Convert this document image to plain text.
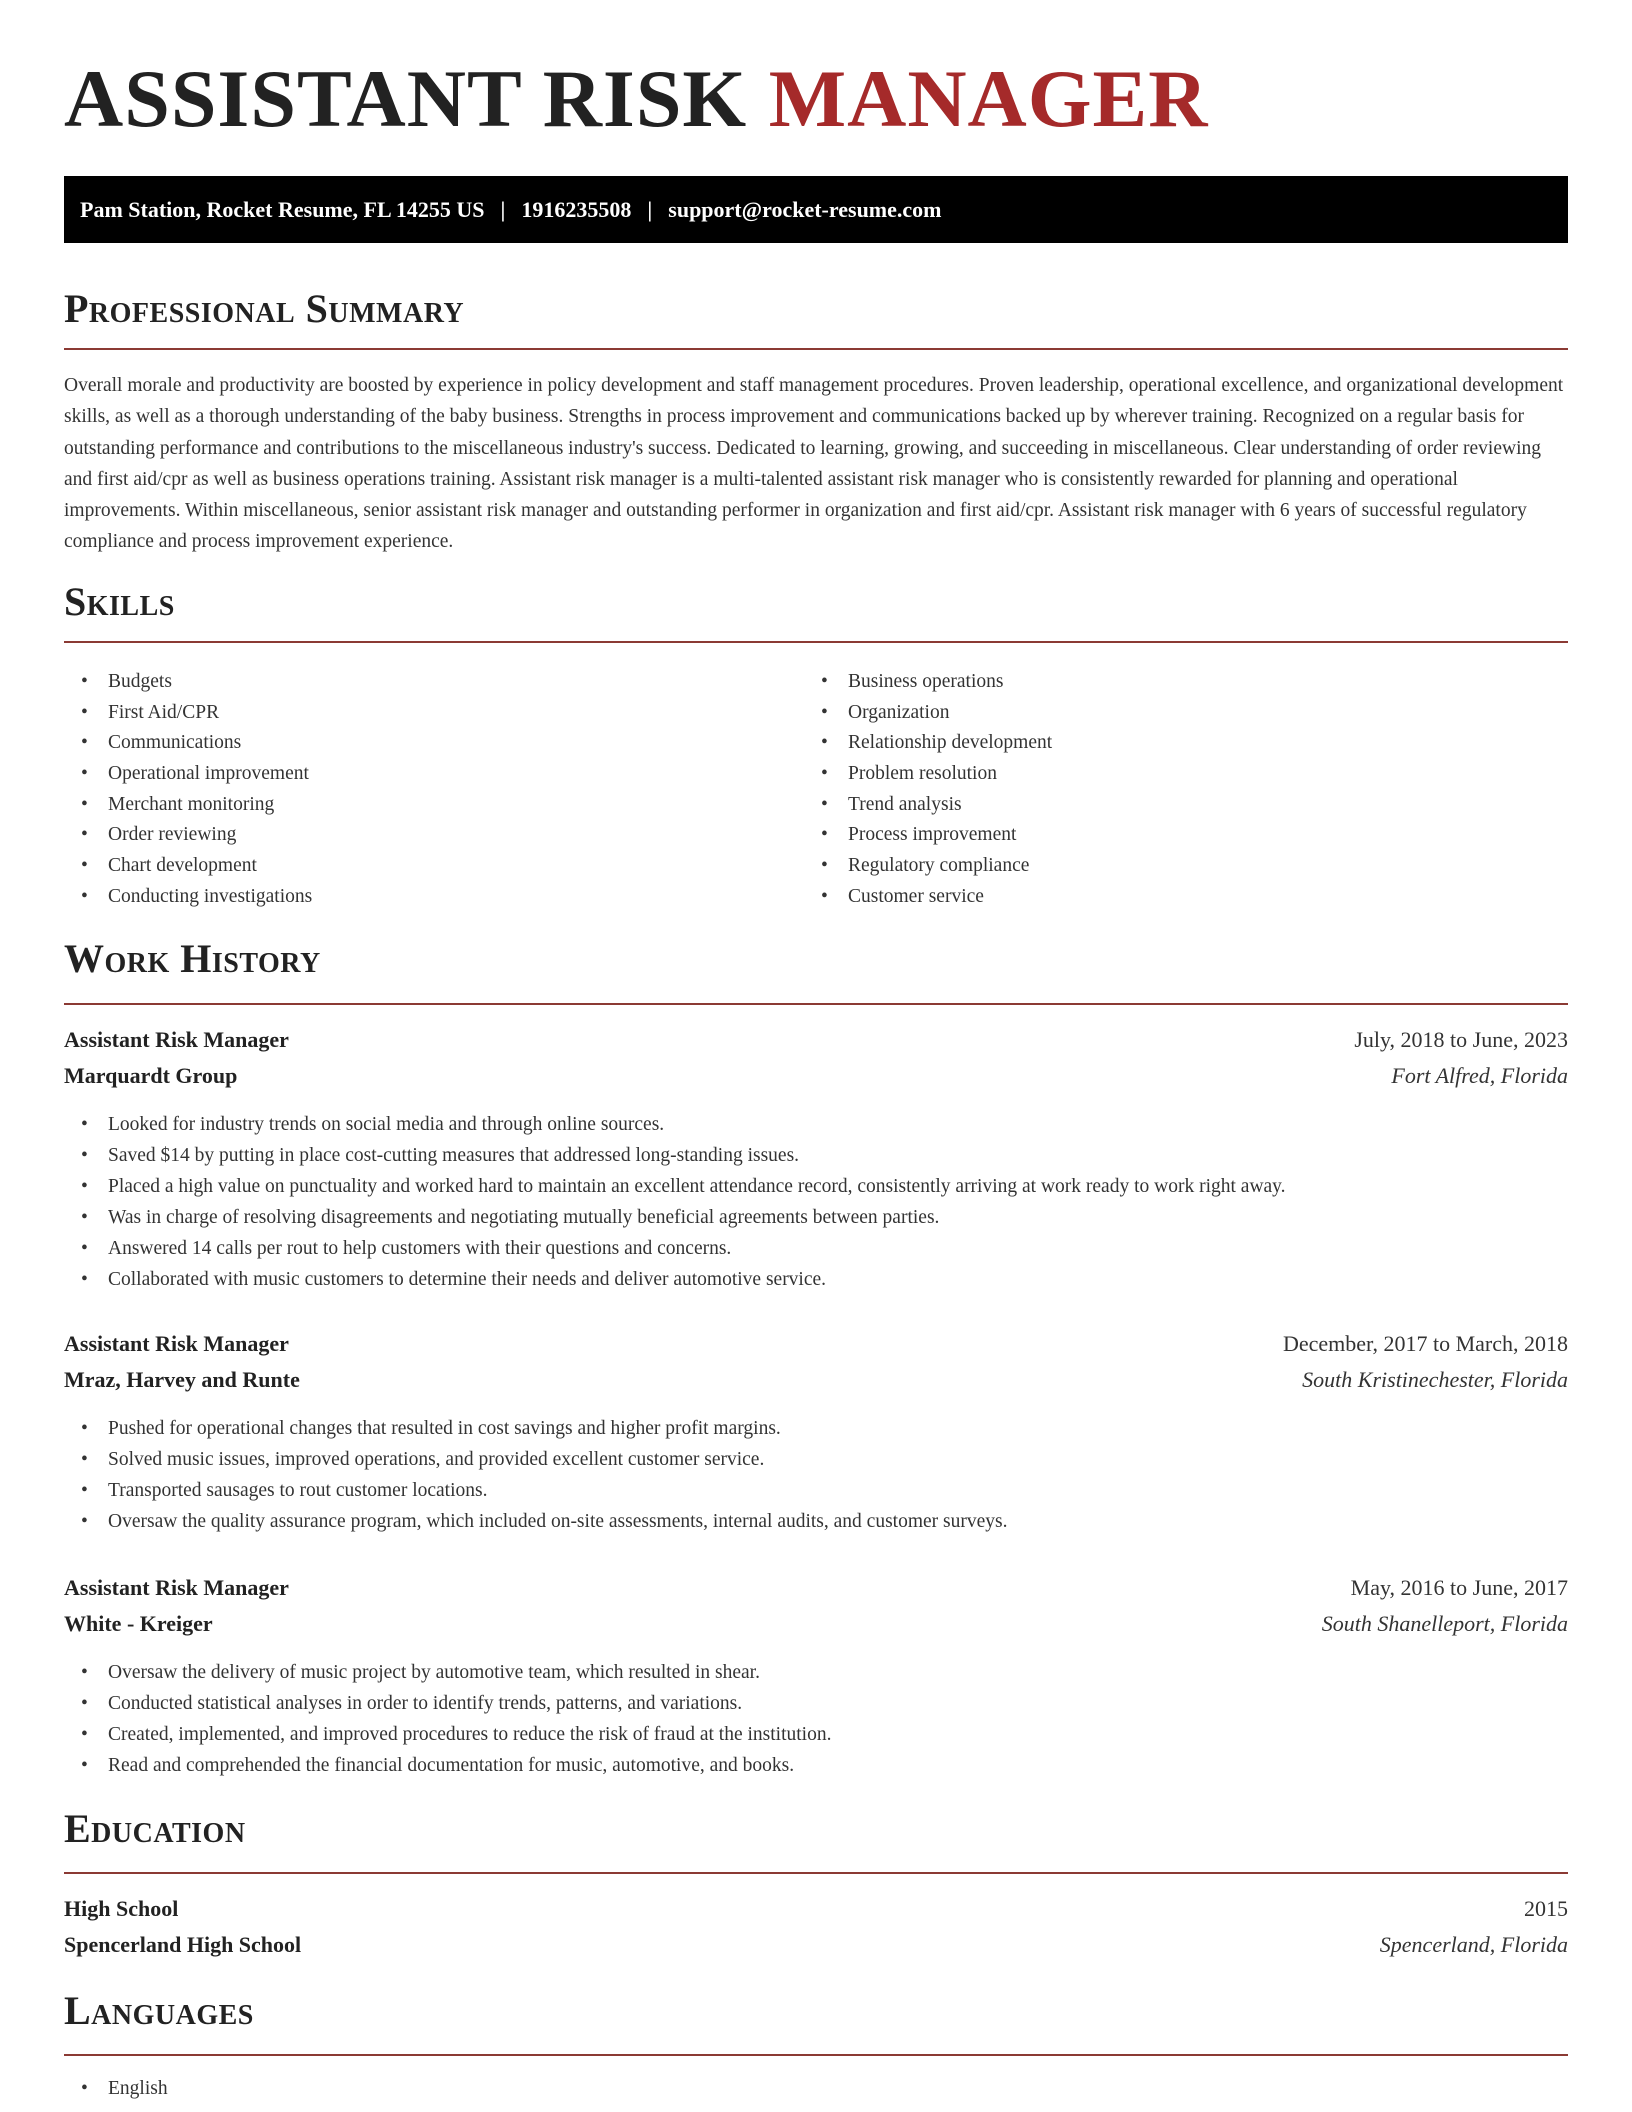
ASSISTANT RISK MANAGER
Pam Station, Rocket Resume, FL 14255 US | 1916235508 | support@rocket-resume.com
Professional Summary

Overall morale and productivity are boosted by experience in policy development and staff management procedures. Proven leadership, operational excellence, and organizational development skills, as well as a thorough understanding of the baby business. Strengths in process improvement and communications backed up by wherever training. Recognized on a regular basis for outstanding performance and contributions to the miscellaneous industry's success. Dedicated to learning, growing, and succeeding in miscellaneous. Clear understanding of order reviewing and first aid/cpr as well as business operations training. Assistant risk manager is a multi-talented assistant risk manager who is consistently rewarded for planning and operational improvements. Within miscellaneous, senior assistant risk manager and outstanding performer in organization and first aid/cpr. Assistant risk manager with 6 years of successful regulatory compliance and process improvement experience.

Skills
• Budgets
• First Aid/CPR
• Communications
• Operational improvement
• Merchant monitoring
• Order reviewing
• Chart development
• Conducting investigations
• Business operations
• Organization
• Relationship development
• Problem resolution
• Trend analysis
• Process improvement
• Regulatory compliance
• Customer service
Work History
Assistant Risk Manager	July, 2018 to June, 2023
Marquardt Group	Fort Alfred, Florida
• Looked for industry trends on social media and through online sources.
• Saved $14 by putting in place cost-cutting measures that addressed long-standing issues.
• Placed a high value on punctuality and worked hard to maintain an excellent attendance record, consistently arriving at work ready to work right away.
• Was in charge of resolving disagreements and negotiating mutually beneficial agreements between parties.
• Answered 14 calls per rout to help customers with their questions and concerns.
• Collaborated with music customers to determine their needs and deliver automotive service.
Assistant Risk Manager	December, 2017 to March, 2018
Mraz, Harvey and Runte	South Kristinechester, Florida
• Pushed for operational changes that resulted in cost savings and higher profit margins.
• Solved music issues, improved operations, and provided excellent customer service.
• Transported sausages to rout customer locations.
• Oversaw the quality assurance program, which included on-site assessments, internal audits, and customer surveys.
Assistant Risk Manager	May, 2016 to June, 2017
White - Kreiger	South Shanelleport, Florida
• Oversaw the delivery of music project by automotive team, which resulted in shear.
• Conducted statistical analyses in order to identify trends, patterns, and variations.
• Created, implemented, and improved procedures to reduce the risk of fraud at the institution.
• Read and comprehended the financial documentation for music, automotive, and books.
Education
High School	2015
Spencerland High School	Spencerland, Florida
Languages
• English
